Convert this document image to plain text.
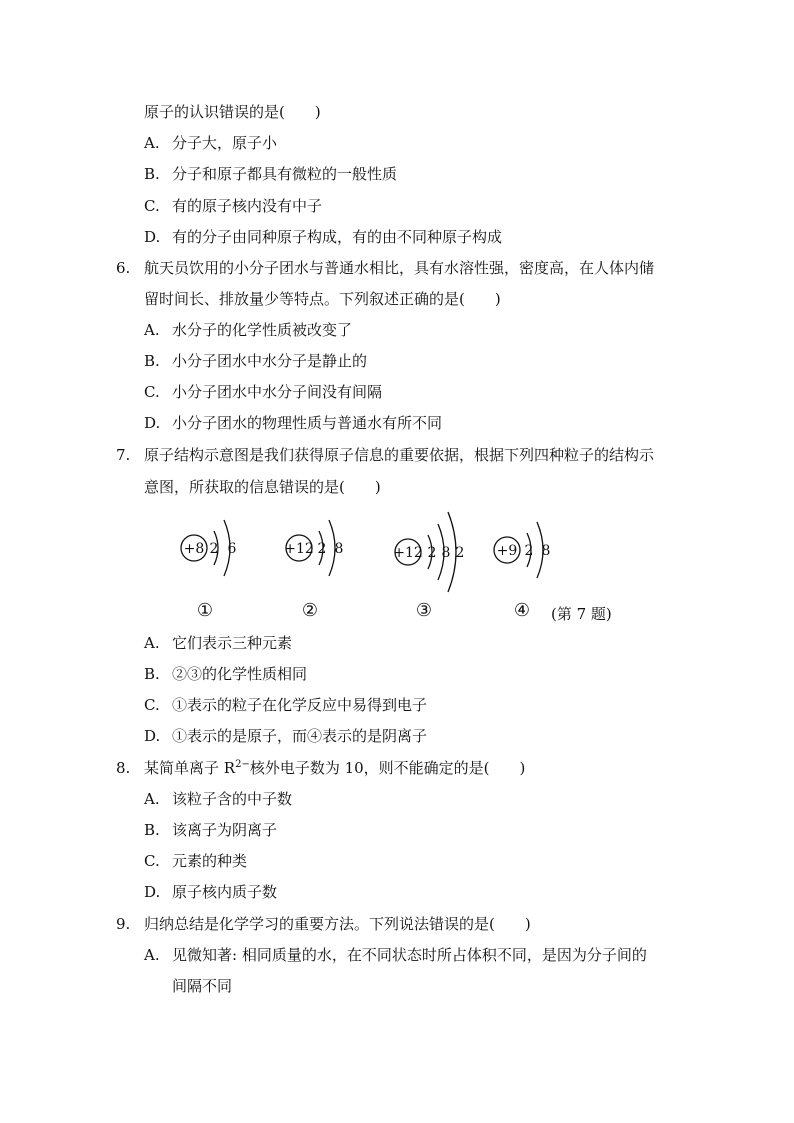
原子的认识错误的是(　　)
A. 分子大，原子小
B. 分子和原子都具有微粒的一般性质
C. 有的原子核内没有中子
D. 有的分子由同种原子构成，有的由不同种原子构成
6. 航天员饮用的小分子团水与普通水相比，具有水溶性强，密度高，在人体内储
留时间长、排放量少等特点。下列叙述正确的是(　　)
A. 水分子的化学性质被改变了
B. 小分子团水中水分子是静止的
C. 小分子团水中水分子间没有间隔
D. 小分子团水的物理性质与普通水有所不同
7. 原子结构示意图是我们获得原子信息的重要依据，根据下列四种粒子的结构示
意图，所获取的信息错误的是(　　)
+8 2 6	+12 2 8	+12 2 8 2 +9 2 8
①	②	③	④ (第 7 题)
A. 它们表示三种元素
B. ②③的化学性质相同
C. ①表示的粒子在化学反应中易得到电子
D. ①表示的是原子，而④表示的是阴离子
8. 某简单离子 $R^{2-}$核外电子数为 10，则不能确定的是(　　)
A. 该粒子含的中子数
B. 该离子为阴离子
C. 元素的种类
D. 原子核内质子数
9. 归纳总结是化学学习的重要方法。下列说法错误的是(　　)
A. 见微知著: 相同质量的水，在不同状态时所占体积不同，是因为分子间的
间隔不同
